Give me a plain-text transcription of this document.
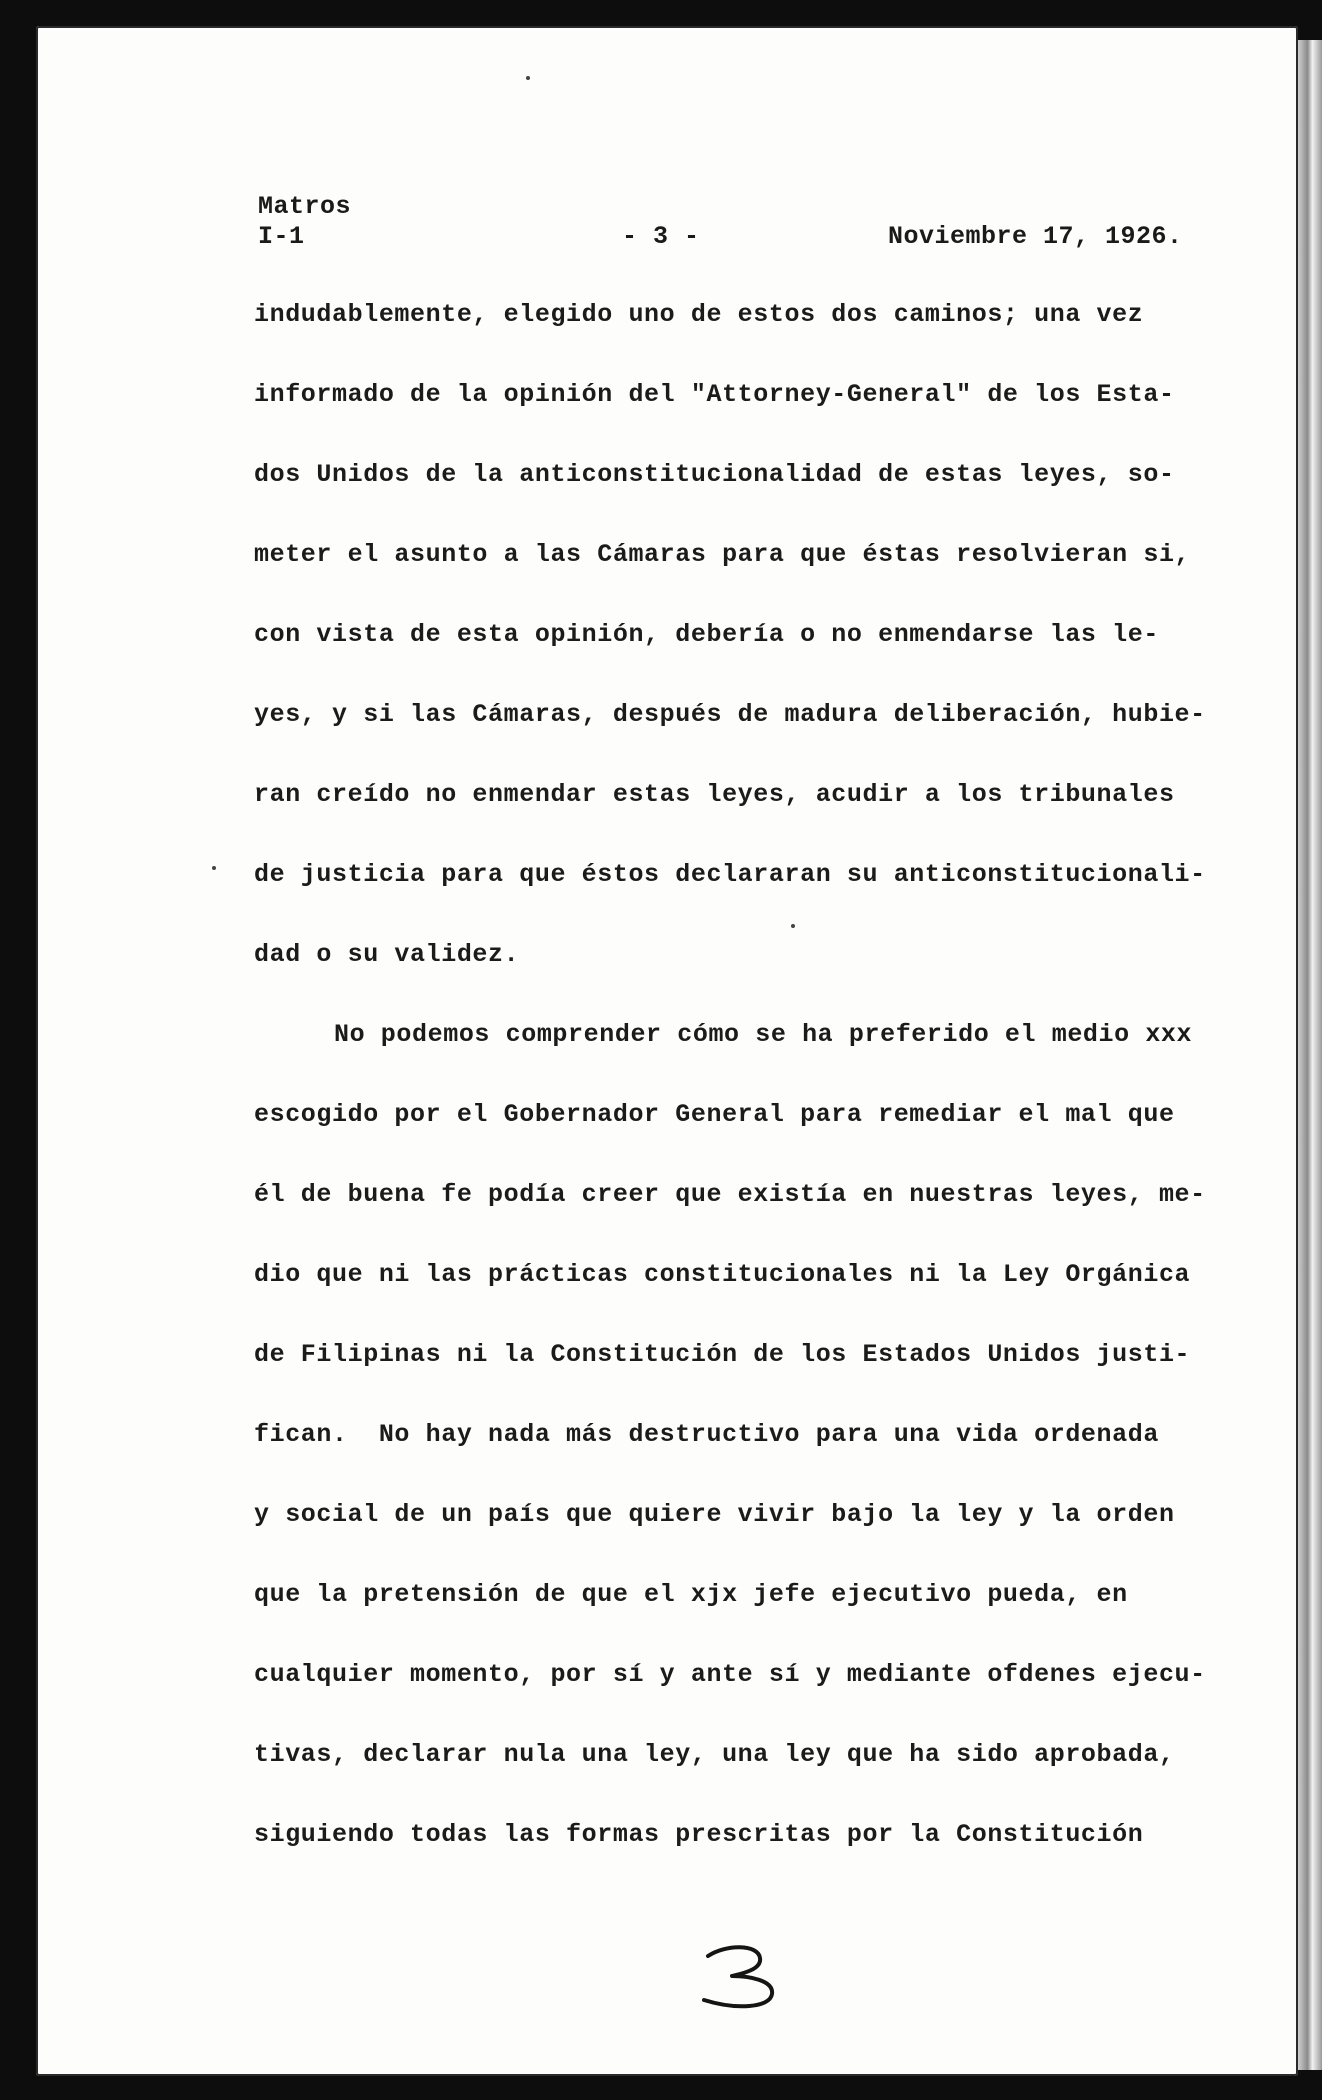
Matros
I-1	- 3 -	Noviembre 17, 1926.
indudablemente, elegido uno de estos dos caminos; una vez
informado de la opinión del "Attorney-General" de los Esta-
dos Unidos de la anticonstitucionalidad de estas leyes, so-
meter el asunto a las Cámaras para que éstas resolvieran si,
con vista de esta opinión, debería o no enmendarse las le-
yes, y si las Cámaras, después de madura deliberación, hubie-
ran creído no enmendar estas leyes, acudir a los tribunales
de justicia para que éstos declararan su anticonstitucionali-
dad o su validez.
No podemos comprender cómo se ha preferido el medio xxx
escogido por el Gobernador General para remediar el mal que
él de buena fe podía creer que existía en nuestras leyes, me-
dio que ni las prácticas constitucionales ni la Ley Orgánica
de Filipinas ni la Constitución de los Estados Unidos justi-
fican.  No hay nada más destructivo para una vida ordenada
y social de un país que quiere vivir bajo la ley y la orden
que la pretensión de que el xjx jefe ejecutivo pueda, en
cualquier momento, por sí y ante sí y mediante ofdenes ejecu-
tivas, declarar nula una ley, una ley que ha sido aprobada,
siguiendo todas las formas prescritas por la Constitución
